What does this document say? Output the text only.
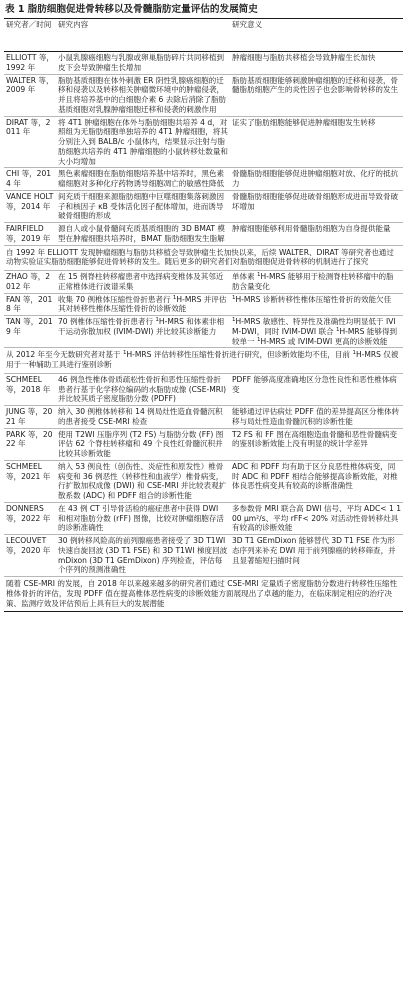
表 1 脂肪细胞促进骨转移以及骨髓脂肪定量评估的发展简史
研究者／时间	研究内容	研究意义
ELLIOTT 等，1992 年	小鼠乳腺癌细胞与乳腺或卵巢脂肪碎片共同移植到皮下会导致肿瘤生长增加	肿瘤细胞与脂肪共移植会导致肿瘤生长加快
WALTER 等，2009 年	脂肪基质细胞在体外刺激 ER 阴性乳腺癌细胞的迁移和侵袭以及转移相关肿瘤微环境中的肿瘤侵袭，并且将培养基中的白细胞介素 6 去除后消除了脂肪基质细胞对乳腺肿瘤细胞迁移和侵袭的刺激作用	脂肪基质细胞能够刺激肿瘤细胞的迁移和侵袭，骨髓脂肪细胞产生的炎性因子也会影响骨转移的发生
DIRAT 等，2011 年	将 4T1 肿瘤细胞在体外与脂肪细胞共培养 4 d，对照组为无脂肪细胞单独培养的 4T1 肿瘤细胞，将其分别注入到 BALB/c 小鼠体内，结果显示注射与脂肪细胞共培养的 4T1 肿瘤细胞的小鼠转移灶数量和大小均增加	证实了脂肪细胞能够促进肿瘤细胞发生转移
CHI 等，2014 年	黑色素瘤细胞在脂肪细胞培养基中培养时，黑色素瘤细胞对多种化疗药物诱导细胞凋亡的敏感性降低	骨髓脂肪细胞能够促进肿瘤细胞对放、化疗的抵抗力
VANCE HOLT 等，2014 年	间充质干细胞来源脂肪细胞中巨噬细胞集落刺激因子和核因子 κB 受体活化因子配体增加，进而诱导破骨细胞的形成	骨髓脂肪细胞能够促进破骨细胞形成进而导致骨破坏增加
FAIRFIELD 等，2019 年	源自人或小鼠骨髓间充质基质细胞的 3D BMAT 模型在肿瘤细胞共培养时，BMAT 脂肪细胞发生脂解	肿瘤细胞能够利用骨髓脂肪细胞为自身提供能量
自 1992 年 ELLIOTT 发现肿瘤细胞与脂肪共移植会导致肿瘤生长加快以来，后续 WALTER、DIRAT 等研究者也通过动物实验证实脂肪细胞能够促进骨转移的发生。随后更多的研究者们对脂肪细胞促进骨转移的机制进行了探究		
ZHAO 等，2012 年	在 15 例脊柱转移瘤患者中选择病变椎体及其邻近正常椎体进行波谱采集	单体素 $^1$H-MRS 能够用于检测脊柱转移瘤中的脂肪含量变化
FAN 等，2018 年	收集 70 例椎体压缩性骨折患者行 $^1$H-MRS 并评估其对转移性椎体压缩性骨折的诊断效能	$^1$H-MRS 诊断转移性椎体压缩性骨折的效能欠佳
TAN 等，2019 年	70 例椎体压缩性骨折患者行 $^1$H-MRS 和体素非相干运动弥散加权 (IVIM-DWI) 并比较其诊断能力	$^1$H-MRS 敏感性、特异性及准确性均明显低于 IVIM-DWI，同时 IVIM-DWI 联合 $^1$H-MRS 能够得到较单一 $^1$H-MRS 或 IVIM-DWI 更高的诊断效能
从 2012 年至今无数研究者对基于 $^1$H-MRS 评估转移性压缩性骨折进行研究，但诊断效能均不佳，目前 $^1$H-MRS 仅被用于一种辅助工具进行鉴别诊断		
SCHMEEL 等，2018 年	46 例急性椎体骨质疏松性骨折和恶性压缩性骨折患者行基于化学移位编码的水脂肪成像 (CSE-MRI) 并比较其质子密度脂肪分数 (PDFF)	PDFF 能够高度准确地区分急性良性和恶性椎体病变
JUNG 等，2021 年	纳入 30 例椎体转移和 14 例局灶性造血骨髓沉积的患者接受 CSE-MRI 检查	能够通过评估病灶 PDFF 值的差异提高区分椎体转移与局灶性造血骨髓沉积的诊断性能
PARK 等，2022 年	使用 T2WI 压脂序列 (T2 FS) 与脂肪分数 (FF) 图评估 62 个脊柱转移瘤和 49 个良性红骨髓沉积并比较其诊断效能	T2 FS 和 FF 图在高细胞造血骨髓和恶性骨髓病变的鉴别诊断效能上没有明显的统计学差异
SCHMEEL 等，2021 年	纳入 53 例良性（创伤性、炎症性和原发性）椎骨病变和 36 例恶性（转移性和血液学）椎骨病变，行扩散加权成像 (DWI) 和 CSE-MRI 并比较表观扩散系数 (ADC) 和 PDFF 组合的诊断性能	ADC 和 PDFF 均有助于区分良恶性椎体病变，同时 ADC 和 PDFF 相结合能够提高诊断效能，对椎体良恶性病变具有较高的诊断准确性
DONNERS 等，2022 年	在 43 例 CT 引导骨活检的癌症患者中获得 DWI 和相对脂肪分数 (rFF) 图像，比较对肿瘤细胞存活的诊断准确性	多参数骨 MRI 联合高 DWI 信号、平均 ADC< 1 100 μm²/s、平均 rFF< 20% 对活动性骨转移灶具有较高的诊断效能
LECOUVET 等，2020 年	30 例转移风险高的前列腺癌患者接受了 3D T1WI 快速自旋回波 (3D T1 FSE) 和 3D T1WI 梯度回波 mDixon (3D T1 GEmDixon) 序列检查，评估每个序列的预测准确性	3D T1 GEmDixon 能够替代 3D T1 FSE 作为形态序列来补充 DWI 用于前列腺癌的转移筛查，并且显著缩短扫描时间
随着 CSE-MRI 的发展，自 2018 年以来越来越多的研究者们通过 CSE-MRI 定量质子密度脂肪分数进行转移性压缩性椎体骨折的评估，发现 PDFF 值在提高椎体恶性病变的诊断效能方面展现出了卓越的能力，在临床制定相应的治疗决策、监测疗效及评估预后上具有巨大的发展潜能		
